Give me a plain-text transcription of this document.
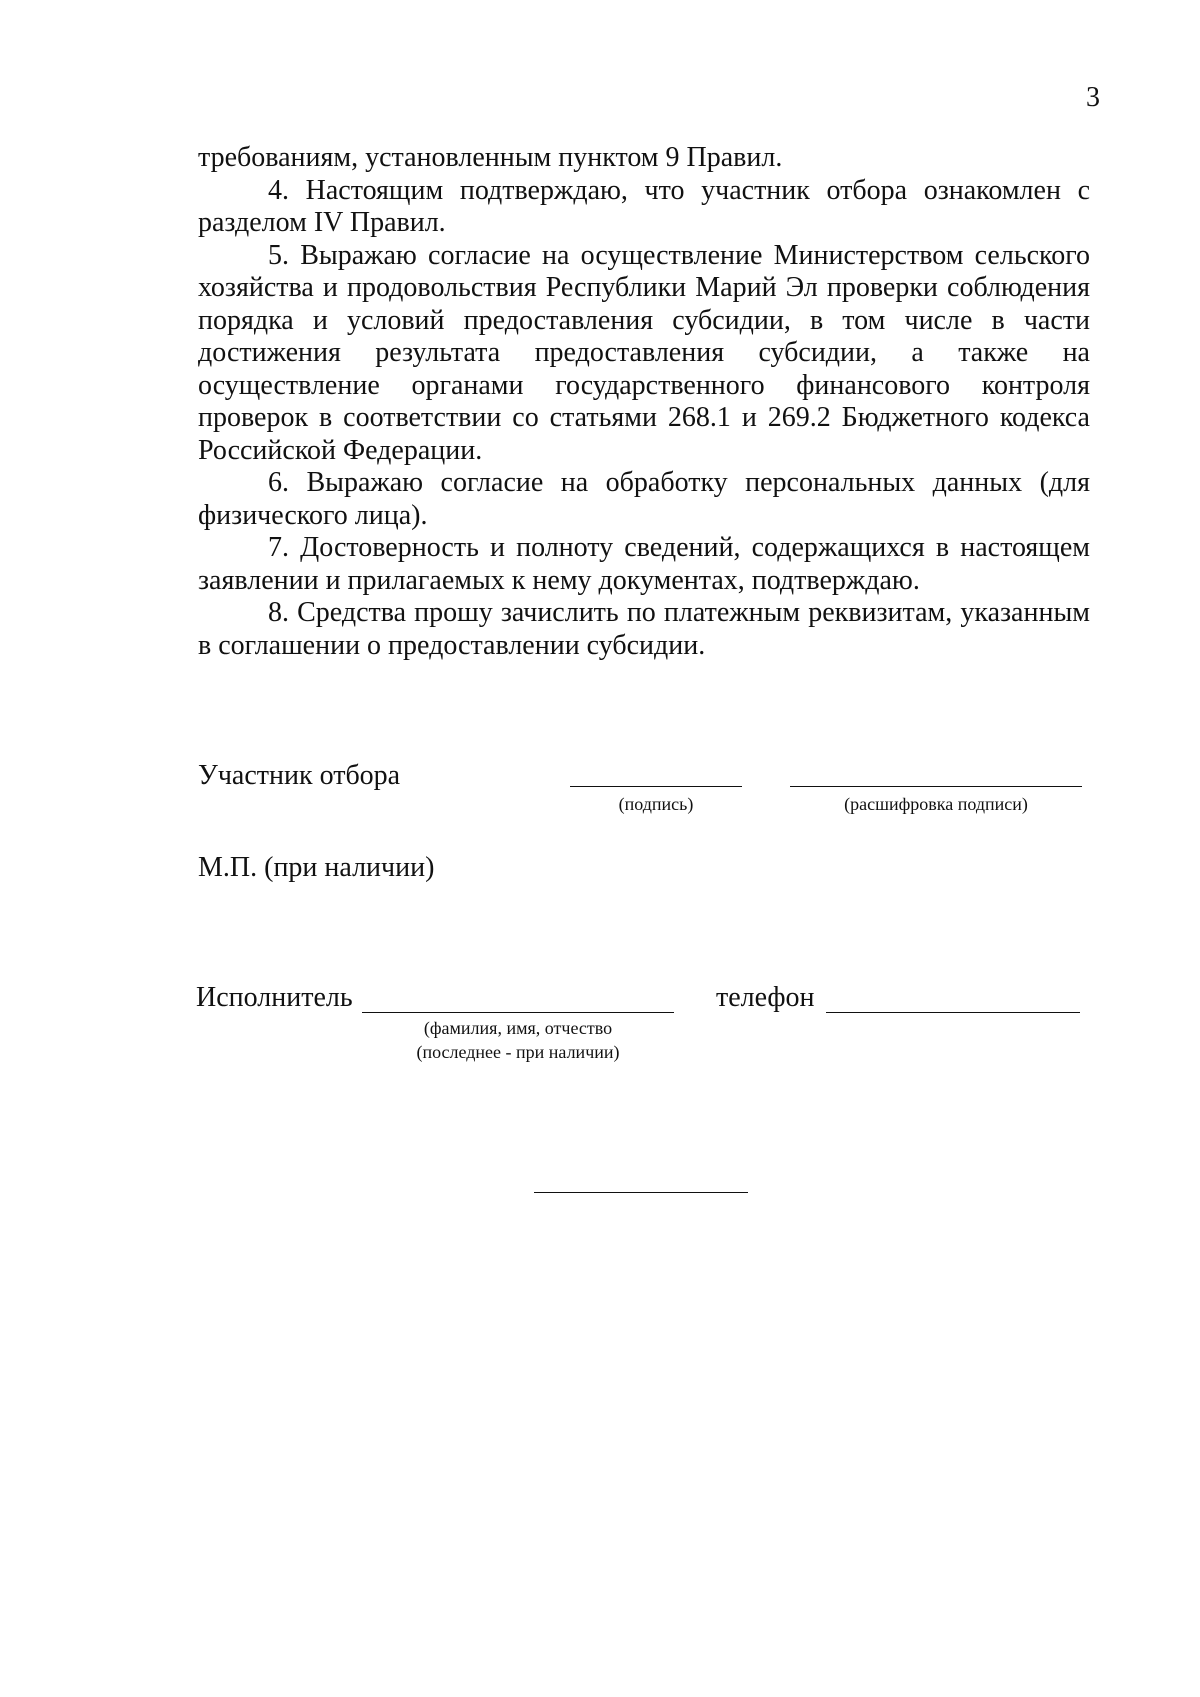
3

требованиям, установленным пунктом 9 Правил.

4. Настоящим подтверждаю, что участник отбора ознакомлен с разделом IV Правил.

5. Выражаю согласие на осуществление Министерством сельского хозяйства и продовольствия Республики Марий Эл проверки соблюдения порядка и условий предоставления субсидии, в том числе в части достижения результата предоставления субсидии, а также на осуществление органами государственного финансового контроля проверок в соответствии со статьями 268.1 и 269.2 Бюджетного кодекса Российской Федерации.

6. Выражаю согласие на обработку персональных данных (для физического лица).

7. Достоверность и полноту сведений, содержащихся в настоящем заявлении и прилагаемых к нему документах, подтверждаю.

8. Средства прошу зачислить по платежным реквизитам, указанным в соглашении о предоставлении субсидии.

Участник отбора
(подпись)	(расшифровка подписи)
М.П. (при наличии)
Исполнитель
(фамилия, имя, отчество
(последнее - при наличии)
телефон
